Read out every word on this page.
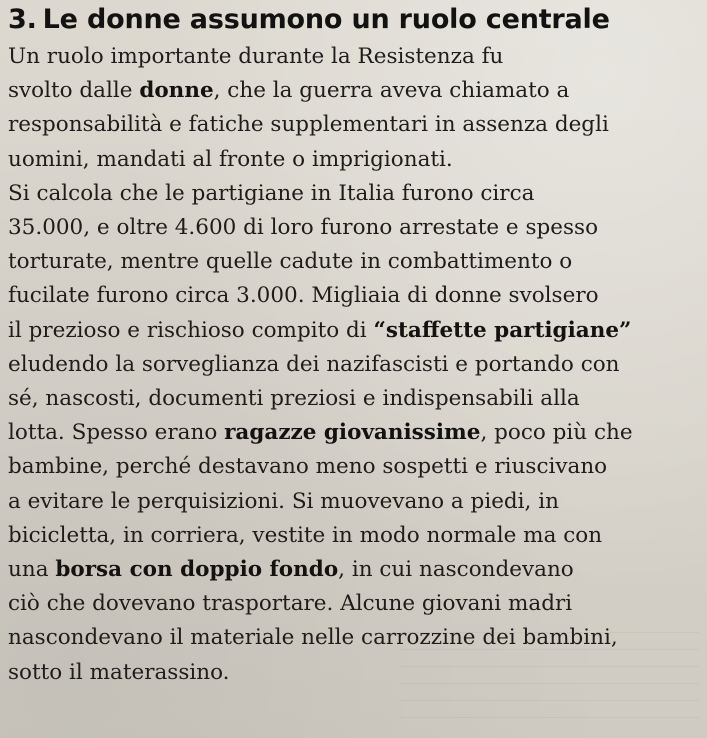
3. Le donne assumono un ruolo centrale

Un ruolo importante durante la Resistenza fu
svolto dalle donne, che la guerra aveva chiamato a
responsabilità e fatiche supplementari in assenza degli
uomini, mandati al fronte o imprigionati.
Si calcola che le partigiane in Italia furono circa
35.000, e oltre 4.600 di loro furono arrestate e spesso
torturate, mentre quelle cadute in combattimento o
fucilate furono circa 3.000. Migliaia di donne svolsero
il prezioso e rischioso compito di “staffette partigiane”
eludendo la sorveglianza dei nazifascisti e portando con
sé, nascosti, documenti preziosi e indispensabili alla
lotta. Spesso erano ragazze giovanissime, poco più che
bambine, perché destavano meno sospetti e riuscivano
a evitare le perquisizioni. Si muovevano a piedi, in
bicicletta, in corriera, vestite in modo normale ma con
una borsa con doppio fondo, in cui nascondevano
ciò che dovevano trasportare. Alcune giovani madri
nascondevano il materiale nelle carrozzine dei bambini,
sotto il materassino.
